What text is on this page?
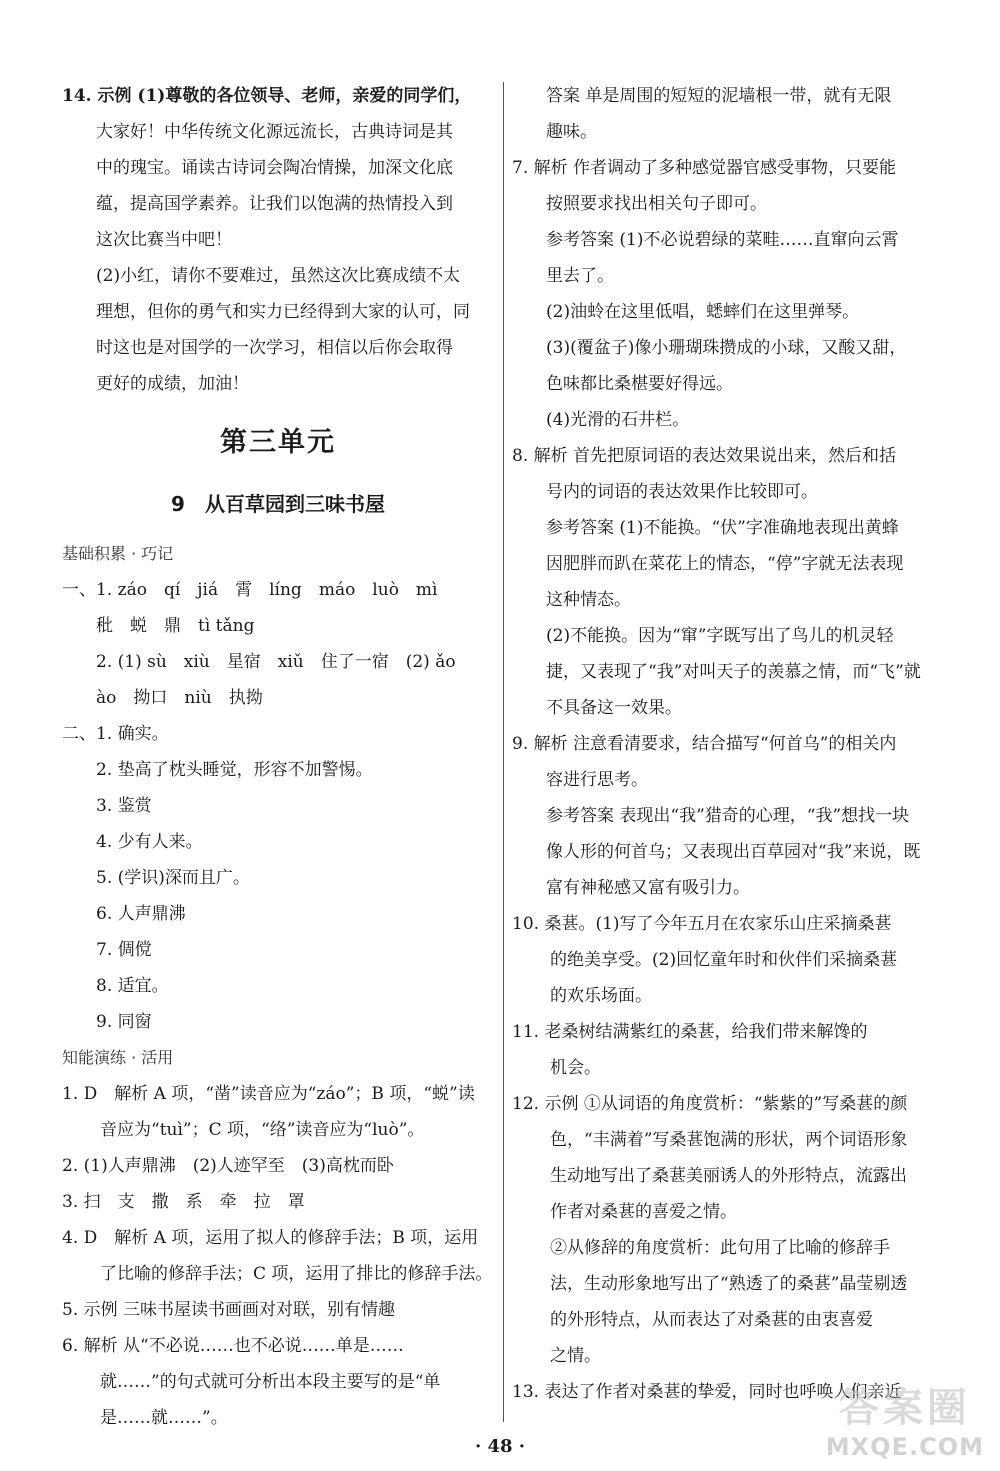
14. 示例 (1)尊敬的各位领导、老师，亲爱的同学们，

大家好！中华传统文化源远流长，古典诗词是其

中的瑰宝。诵读古诗词会陶冶情操，加深文化底

蕴，提高国学素养。让我们以饱满的热情投入到

这次比赛当中吧！

(2)小红，请你不要难过，虽然这次比赛成绩不太

理想，但你的勇气和实力已经得到大家的认可，同

时这也是对国学的一次学习，相信以后你会取得

更好的成绩，加油！

第三单元
9　从百草园到三味书屋
基础积累 · 巧记

一、1. záo　qí　jiá　霄　líng　máo　luò　mì

秕　蜕　鼎　tì tǎng

2. (1) sù　xiù　星宿　xiǔ　住了一宿　(2) ǎo

ào　拗口　niù　执拗

二、1. 确实。

2. 垫高了枕头睡觉，形容不加警惕。

3. 鉴赏

4. 少有人来。

5. (学识)深而且广。

6. 人声鼎沸

7. 倜傥

8. 适宜。

9. 同窗

知能演练 · 活用

1. D　解析 A 项，“凿”读音应为“záo”；B 项，“蜕”读

音应为“tuì”；C 项，“络”读音应为“luò”。

2. (1)人声鼎沸　(2)人迹罕至　(3)高枕而卧

3. 扫　支　撒　系　牵　拉　罩

4. D　解析 A 项，运用了拟人的修辞手法；B 项，运用

了比喻的修辞手法；C 项，运用了排比的修辞手法。

5. 示例 三味书屋读书画画对对联，别有情趣

6. 解析 从“不必说……也不必说……单是……

就……”的句式就可分析出本段主要写的是“单

是……就……”。

答案 单是周围的短短的泥墙根一带，就有无限

趣味。

7. 解析 作者调动了多种感觉器官感受事物，只要能

按照要求找出相关句子即可。

参考答案 (1)不必说碧绿的菜畦……直窜向云霄

里去了。

(2)油蛉在这里低唱，蟋蟀们在这里弹琴。

(3)(覆盆子)像小珊瑚珠攒成的小球，又酸又甜，

色味都比桑椹要好得远。

(4)光滑的石井栏。

8. 解析 首先把原词语的表达效果说出来，然后和括

号内的词语的表达效果作比较即可。

参考答案 (1)不能换。“伏”字准确地表现出黄蜂

因肥胖而趴在菜花上的情态，“停”字就无法表现

这种情态。

(2)不能换。因为“窜”字既写出了鸟儿的机灵轻

捷，又表现了“我”对叫天子的羡慕之情，而“飞”就

不具备这一效果。

9. 解析 注意看清要求，结合描写“何首乌”的相关内

容进行思考。

参考答案 表现出“我”猎奇的心理，“我”想找一块

像人形的何首乌；又表现出百草园对“我”来说，既

富有神秘感又富有吸引力。

10. 桑葚。(1)写了今年五月在农家乐山庄采摘桑葚

的绝美享受。(2)回忆童年时和伙伴们采摘桑葚

的欢乐场面。

11. 老桑树结满紫红的桑葚，给我们带来解馋的

机会。

12. 示例 ①从词语的角度赏析：“紫紫的”写桑葚的颜

色，“丰满着”写桑葚饱满的形状，两个词语形象

生动地写出了桑葚美丽诱人的外形特点，流露出

作者对桑葚的喜爱之情。

②从修辞的角度赏析：此句用了比喻的修辞手

法，生动形象地写出了“熟透了的桑葚”晶莹剔透

的外形特点，从而表达了对桑葚的由衷喜爱

之情。

13. 表达了作者对桑葚的挚爱，同时也呼唤人们亲近

· 48 ·
答案圈
MXQE.COM
